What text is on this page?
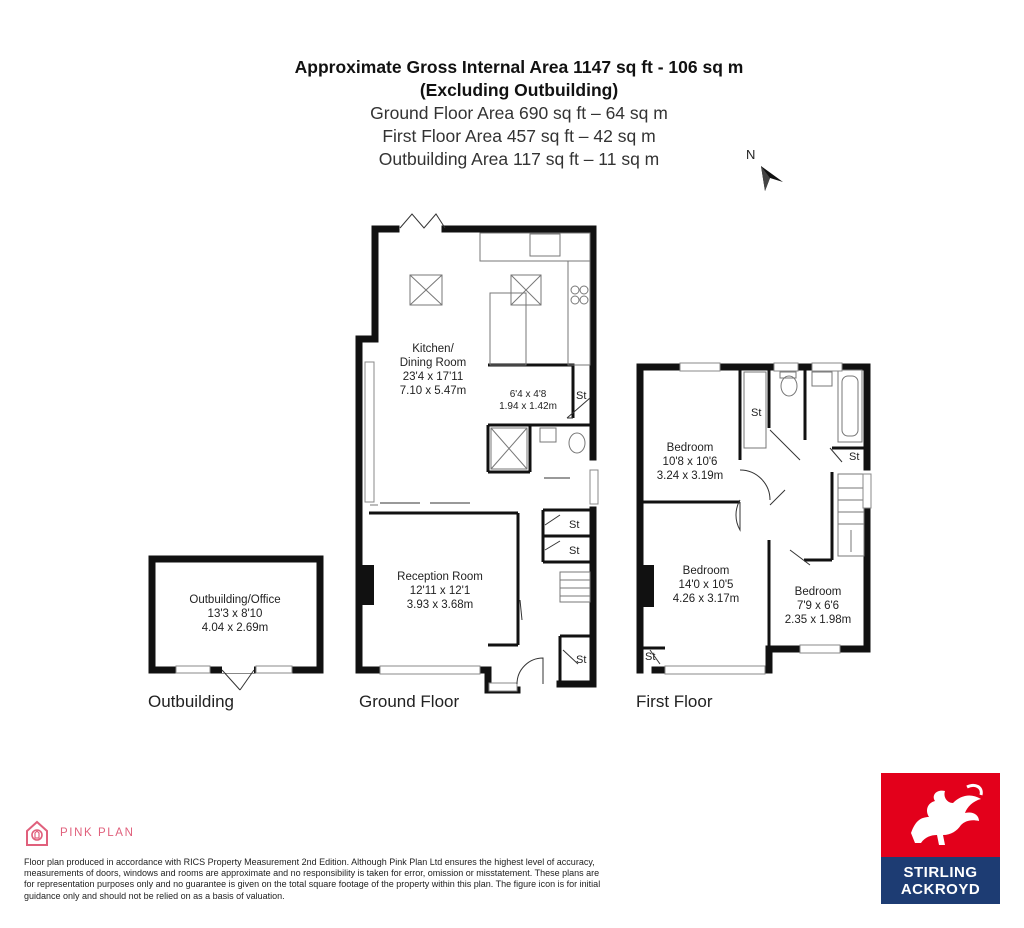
Approximate Gross Internal Area 1147 sq ft - 106 sq m
(Excluding Outbuilding)
Ground Floor Area 690 sq ft – 64 sq m
First Floor Area 457 sq ft – 42 sq m
Outbuilding Area 117 sq ft – 11 sq m
Kitchen/
Dining Room
23'4 x 17'11
7.10 x 5.47m	6'4 x 4'8
1.94 x 1.42m
Reception Room
12'11 x 12'1
3.93 x 3.68m
Outbuilding/Office
13'3 x 8'10
4.04 x 2.69m
Bedroom
10'8 x 10'6
3.24 x 3.19m
Bedroom
14'0 x 10'5
4.26 x 3.17m
Bedroom
7'9 x 6'6
2.35 x 1.98m
St
St
St
St
St
St
St
N
Outbuilding	Ground Floor	First Floor
PINK PLAN
Floor plan produced in accordance with RICS Property Measurement 2nd Edition. Although Pink Plan Ltd ensures the highest level of accuracy, measurements of doors, windows and rooms are approximate and no responsibility is taken for error, omission or misstatement. These plans are for representation purposes only and no guarantee is given on the total square footage of the property within this plan. The figure icon is for initial guidance only and should not be relied on as a basis of valuation.
STIRLING
ACKROYD
